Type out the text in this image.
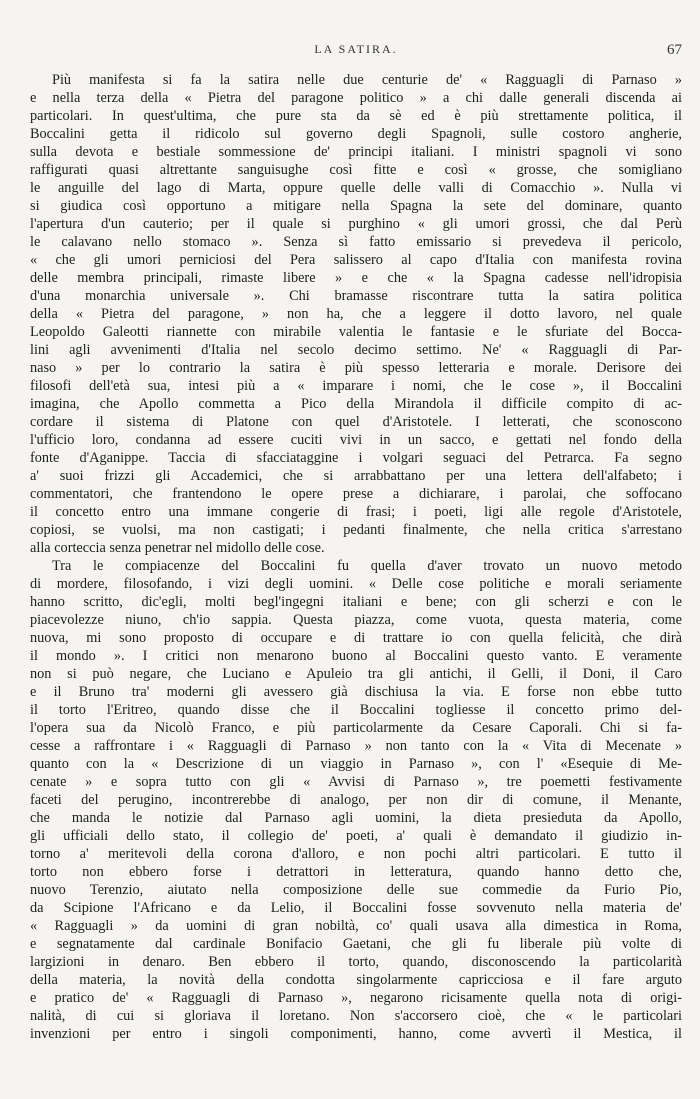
LA SATIRA.	67
Più manifesta si fa la satira nelle due centurie de' « Ragguagli di Parnaso »
e nella terza della « Pietra del paragone politico » a chi dalle generali discenda ai
particolari. In quest'ultima, che pure sta da sè ed è più strettamente politica, il
Boccalini getta il ridicolo sul governo degli Spagnoli, sulle costoro angherie,
sulla devota e bestiale sommessione de' principi italiani. I ministri spagnoli vi sono
raffigurati quasi altrettante sanguisughe così fitte e così « grosse, che somigliano
le anguille del lago di Marta, oppure quelle delle valli di Comacchio ». Nulla vi
si giudica così opportuno a mitigare nella Spagna la sete del dominare, quanto
l'apertura d'un cauterio; per il quale si purghino « gli umori grossi, che dal Perù
le calavano nello stomaco ». Senza sì fatto emissario si prevedeva il pericolo,
« che gli umori perniciosi del Pera salissero al capo d'Italia con manifesta rovina
delle membra principali, rimaste libere » e che « la Spagna cadesse nell'idropisia
d'una monarchia universale ». Chi bramasse riscontrare tutta la satira politica
della « Pietra del paragone, » non ha, che a leggere il dotto lavoro, nel quale
Leopoldo Galeotti riannette con mirabile valentia le fantasie e le sfuriate del Bocca-
lini agli avvenimenti d'Italia nel secolo decimo settimo. Ne' « Ragguagli di Par-
naso » per lo contrario la satira è più spesso letteraria e morale. Derisore dei
filosofi dell'età sua, intesi più a « imparare i nomi, che le cose », il Boccalini
imagina, che Apollo commetta a Pico della Mirandola il difficile compito di ac-
cordare il sistema di Platone con quel d'Aristotele. I letterati, che sconoscono
l'ufficio loro, condanna ad essere cuciti vivi in un sacco, e gettati nel fondo della
fonte d'Aganippe. Taccia di sfacciataggine i volgari seguaci del Petrarca. Fa segno
a' suoi frizzi gli Accademici, che si arrabbattano per una lettera dell'alfabeto; i
commentatori, che frantendono le opere prese a dichiarare, i parolai, che soffocano
il concetto entro una immane congerie di frasi; i poeti, ligi alle regole d'Aristotele,
copiosi, se vuolsi, ma non castigati; i pedanti finalmente, che nella critica s'arrestano
alla corteccia senza penetrar nel midollo delle cose.
Tra le compiacenze del Boccalini fu quella d'aver trovato un nuovo metodo
di mordere, filosofando, i vizi degli uomini. « Delle cose politiche e morali seriamente
hanno scritto, dic'egli, molti begl'ingegni italiani e bene; con gli scherzi e con le
piacevolezze niuno, ch'io sappia. Questa piazza, come vuota, questa materia, come
nuova, mi sono proposto di occupare e di trattare io con quella felicità, che dirà
il mondo ». I critici non menarono buono al Boccalini questo vanto. E veramente
non si può negare, che Luciano e Apuleio tra gli antichi, il Gelli, il Doni, il Caro
e il Bruno tra' moderni gli avessero già dischiusa la via. E forse non ebbe tutto
il torto l'Eritreo, quando disse che il Boccalini togliesse il concetto primo del-
l'opera sua da Nicolò Franco, e più particolarmente da Cesare Caporali. Chi si fa-
cesse a raffrontare i « Ragguagli di Parnaso » non tanto con la « Vita di Mecenate »
quanto con la « Descrizione di un viaggio in Parnaso », con l' «Esequie di Me-
cenate » e sopra tutto con gli « Avvisi di Parnaso », tre poemetti festivamente
faceti del perugino, incontrerebbe di analogo, per non dir di comune, il Menante,
che manda le notizie dal Parnaso agli uomini, la dieta presieduta da Apollo,
gli ufficiali dello stato, il collegio de' poeti, a' quali è demandato il giudizio in-
torno a' meritevoli della corona d'alloro, e non pochi altri particolari. E tutto il
torto non ebbero forse i detrattori in letteratura, quando hanno detto che,
nuovo Terenzio, aiutato nella composizione delle sue commedie da Furio Pio,
da Scipione l'Africano e da Lelio, il Boccalini fosse sovvenuto nella materia de'
« Ragguagli » da uomini di gran nobiltà, co' quali usava alla dimestica in Roma,
e segnatamente dal cardinale Bonifacio Gaetani, che gli fu liberale più volte di
largizioni in denaro. Ben ebbero il torto, quando, disconoscendo la particolarità
della materia, la novità della condotta singolarmente capricciosa e il fare arguto
e pratico de' « Ragguagli di Parnaso », negarono ricisamente quella nota di origi-
nalità, di cui si gloriava il loretano. Non s'accorsero cioè, che « le particolari
invenzioni per entro i singoli componimenti, hanno, come avvertì il Mestica, il
